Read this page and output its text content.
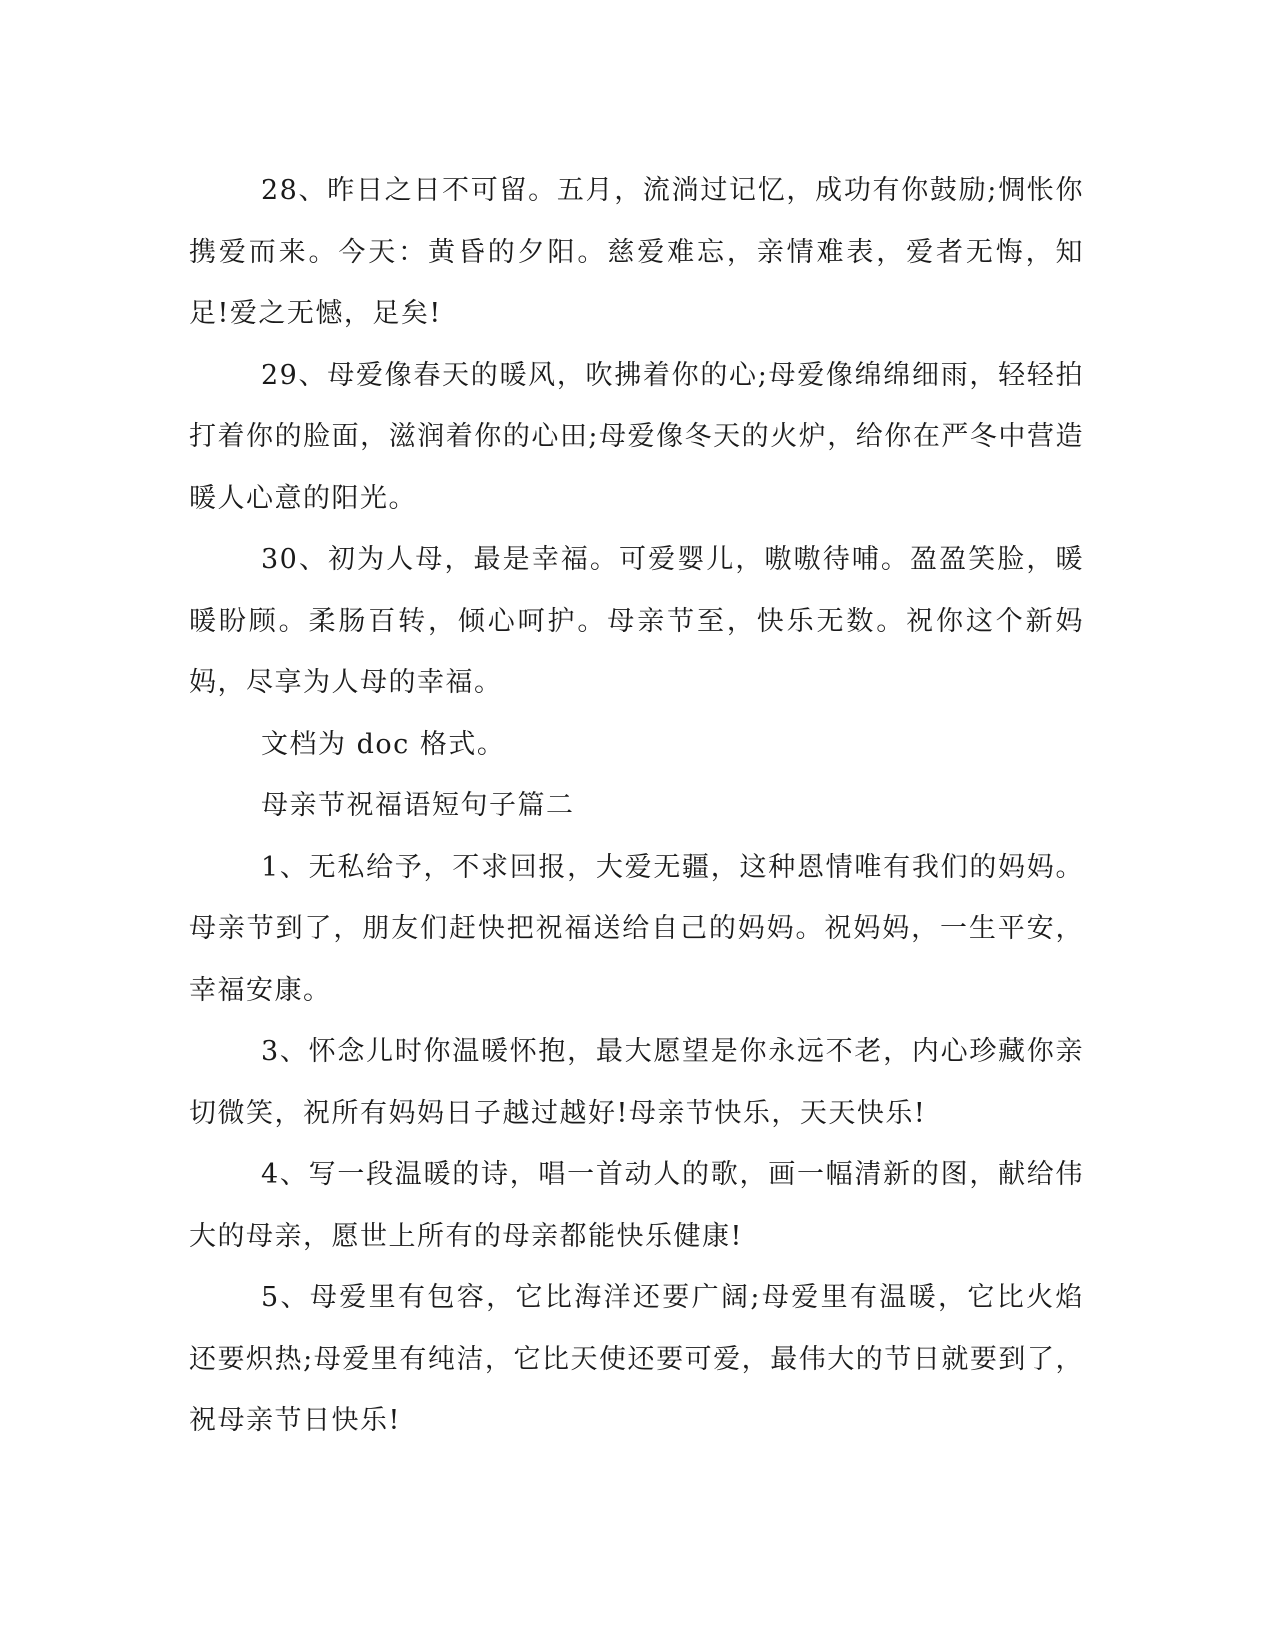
28、昨日之日不可留。五月，流淌过记忆，成功有你鼓励;惆怅你携爱而来。今天：黄昏的夕阳。慈爱难忘，亲情难表，爱者无悔，知足!爱之无憾，足矣!

29、母爱像春天的暖风，吹拂着你的心;母爱像绵绵细雨，轻轻拍打着你的脸面，滋润着你的心田;母爱像冬天的火炉，给你在严冬中营造暖人心意的阳光。

30、初为人母，最是幸福。可爱婴儿，嗷嗷待哺。盈盈笑脸，暖暖盼顾。柔肠百转，倾心呵护。母亲节至，快乐无数。祝你这个新妈妈，尽享为人母的幸福。

文档为 doc 格式。

母亲节祝福语短句子篇二

1、无私给予，不求回报，大爱无疆，这种恩情唯有我们的妈妈。母亲节到了，朋友们赶快把祝福送给自己的妈妈。祝妈妈，一生平安，幸福安康。

3、怀念儿时你温暖怀抱，最大愿望是你永远不老，内心珍藏你亲切微笑，祝所有妈妈日子越过越好!母亲节快乐，天天快乐!

4、写一段温暖的诗，唱一首动人的歌，画一幅清新的图，献给伟大的母亲，愿世上所有的母亲都能快乐健康!

5、母爱里有包容，它比海洋还要广阔;母爱里有温暖，它比火焰还要炽热;母爱里有纯洁，它比天使还要可爱，最伟大的节日就要到了，祝母亲节日快乐!
